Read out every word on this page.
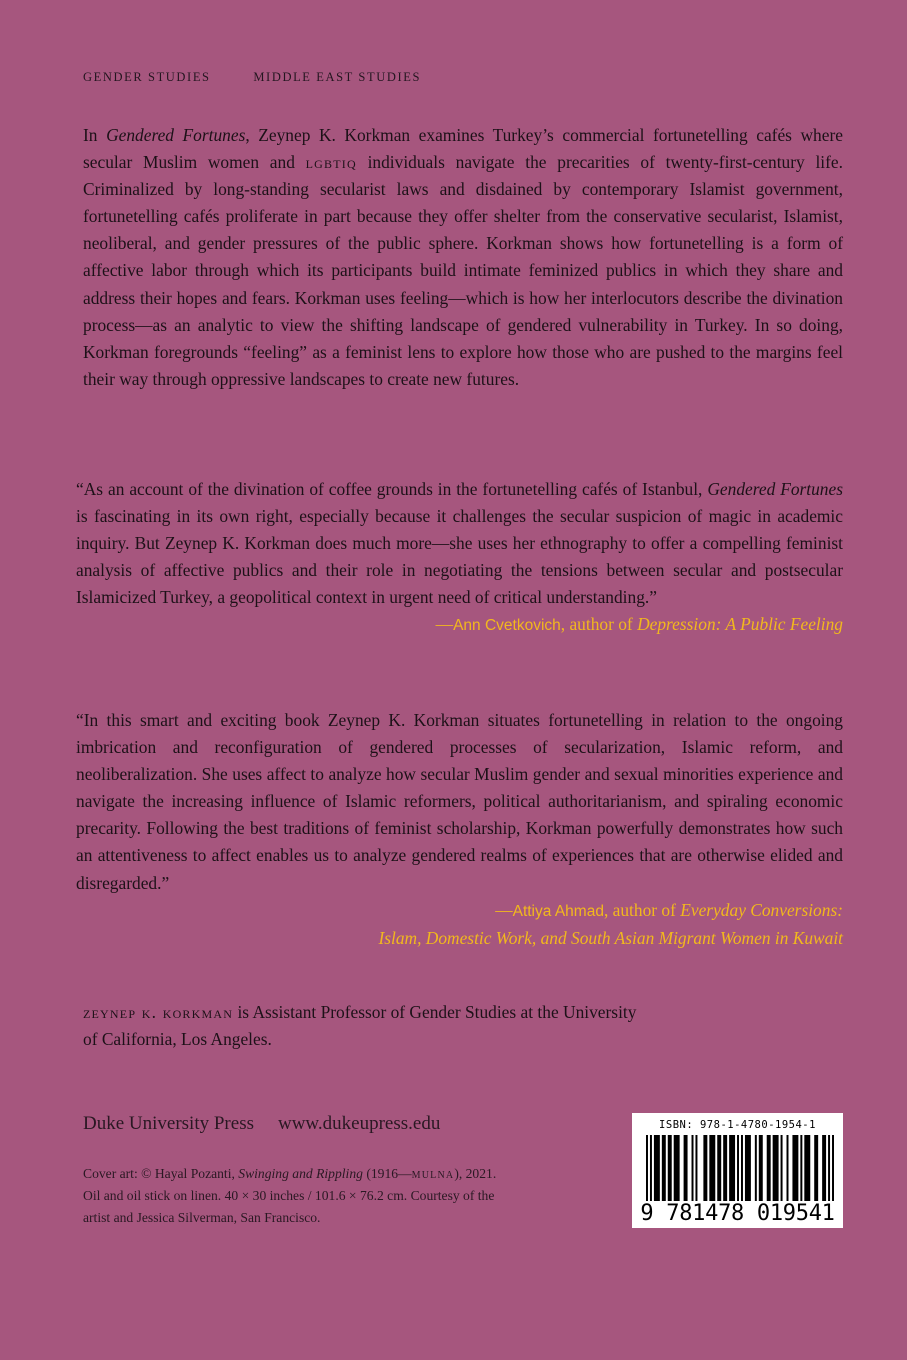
GENDER STUDIES	MIDDLE EAST STUDIES
In Gendered Fortunes, Zeynep K. Korkman examines Turkey’s commercial fortunetelling cafés where secular Muslim women and lgbtiq individuals navigate the precarities of twenty-first-century life. Criminalized by long-standing secularist laws and disdained by contemporary Islamist government, fortunetelling cafés proliferate in part because they offer shelter from the conservative secularist, Islamist, neoliberal, and gender pressures of the public sphere. Korkman shows how fortunetelling is a form of affective labor through which its participants build intimate feminized publics in which they share and address their hopes and fears. Korkman uses feeling—which is how her interlocutors describe the divination process—as an analytic to view the shifting landscape of gendered vulnerability in Turkey. In so doing, Korkman foregrounds “feeling” as a feminist lens to explore how those who are pushed to the margins feel their way through oppressive landscapes to create new futures.
“As an account of the divination of coffee grounds in the fortunetelling cafés of Istanbul, Gendered Fortunes is fascinating in its own right, especially because it challenges the secular suspicion of magic in academic inquiry. But Zeynep K. Korkman does much more—she uses her ethnography to offer a compelling feminist analysis of affective publics and their role in negotiating the tensions between secular and postsecular Islamicized Turkey, a geopolitical context in urgent need of critical understanding.”
—Ann Cvetkovich, author of Depression: A Public Feeling
“In this smart and exciting book Zeynep K. Korkman situates fortunetelling in relation to the ongoing imbrication and reconfiguration of gendered processes of secularization, Islamic reform, and neoliberalization. She uses affect to analyze how secular Muslim gender and sexual minorities experience and navigate the increasing influence of Islamic reformers, political authoritarianism, and spiraling economic precarity. Following the best traditions of feminist scholarship, Korkman powerfully demonstrates how such an attentiveness to affect enables us to analyze gendered realms of experiences that are otherwise elided and disregarded.”
—Attiya Ahmad, author of Everyday Conversions:
Islam, Domestic Work, and South Asian Migrant Women in Kuwait
zeynep k. korkman is Assistant Professor of Gender Studies at the University of California, Los Angeles.
Duke University Press www.dukeupress.edu
Cover art: © Hayal Pozanti, Swinging and Rippling (1916—mulna), 2021. Oil and oil stick on linen. 40 × 30 inches / 101.6 × 76.2 cm. Courtesy of the artist and Jessica Silverman, San Francisco.
ISBN: 978-1-4780-1954-1
9 781478 019541
